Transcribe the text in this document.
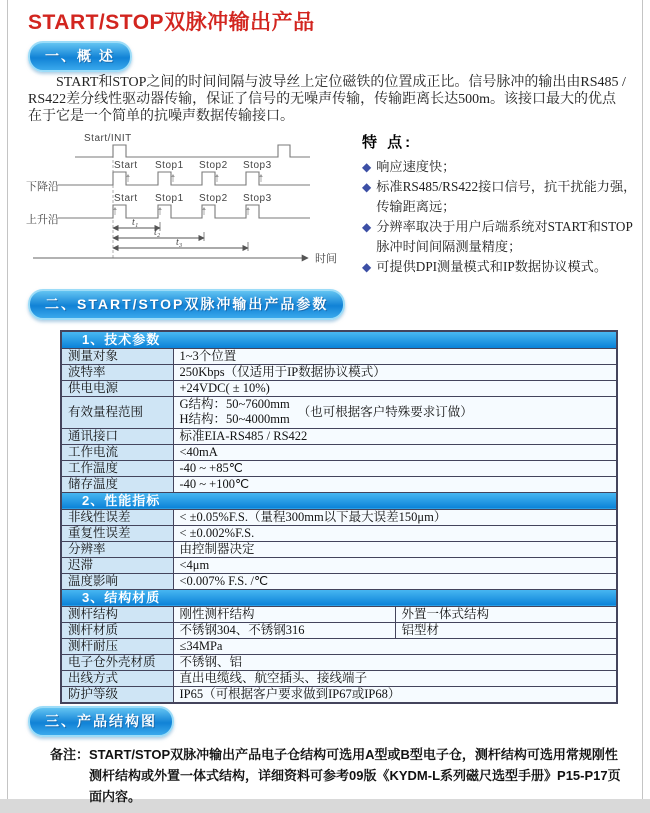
START/STOP双脉冲输出产品
一、概 述

START和STOP之间的时间间隔与波导丝上定位磁铁的位置成正比。信号脉冲的输出由RS485 / RS422差分线性驱动器传输，保证了信号的无噪声传输，传输距离长达500m。该接口最大的优点在于它是一个简单的抗噪声数据传输接口。

Start/INIT
下降沿
Start Stop1 Stop2 Stop3
上升沿
Start Stop1 Stop2 Stop3
t₁
t₂
t₃
时间
特 点:
◆ 响应速度快；
◆ 标准RS485/RS422接口信号，抗干扰能力强，传输距离远；
◆ 分辨率取决于用户后端系统对START和STOP脉冲时间间隔测量精度；
◆ 可提供DPI测量模式和IP数据协议模式。
二、START/STOP双脉冲输出产品参数
1、技术参数		
测量对象	1~3个位置	
波特率	250Kbps（仅适用于IP数据协议模式）	
供电电源	+24VDC( ± 10%)	
有效量程范围	G结构：50~7600mm
H结构：50~4000mm
（也可根据客户特殊要求订做）	

通讯接口	标准EIA-RS485 / RS422	
工作电流	<40mA	
工作温度	-40 ~ +85℃	
储存温度	-40 ~ +100℃	
2、性能指标		
非线性误差	< ±0.05%F.S.（量程300mm以下最大误差150μm）	
重复性误差	< ±0.002%F.S.	
分辨率	由控制器决定	
迟滞	<4μm	
温度影响	<0.007% F.S. /℃	
3、结构材质		
测杆结构	刚性测杆结构	外置一体式结构
测杆材质	不锈钢304、不锈钢316	铝型材
测杆耐压	≤34MPa	
电子仓外壳材质	不锈钢、铝	
出线方式	直出电缆线、航空插头、接线端子	
防护等级	IP65（可根据客户要求做到IP67或IP68）	
三、产品结构图
备注： START/STOP双脉冲输出产品电子仓结构可选用A型或B型电子仓，测杆结构可选用常规刚性测杆结构或外置一体式结构，详细资料可参考09版《KYDM-L系列磁尺选型手册》P15-P17页面内容。
